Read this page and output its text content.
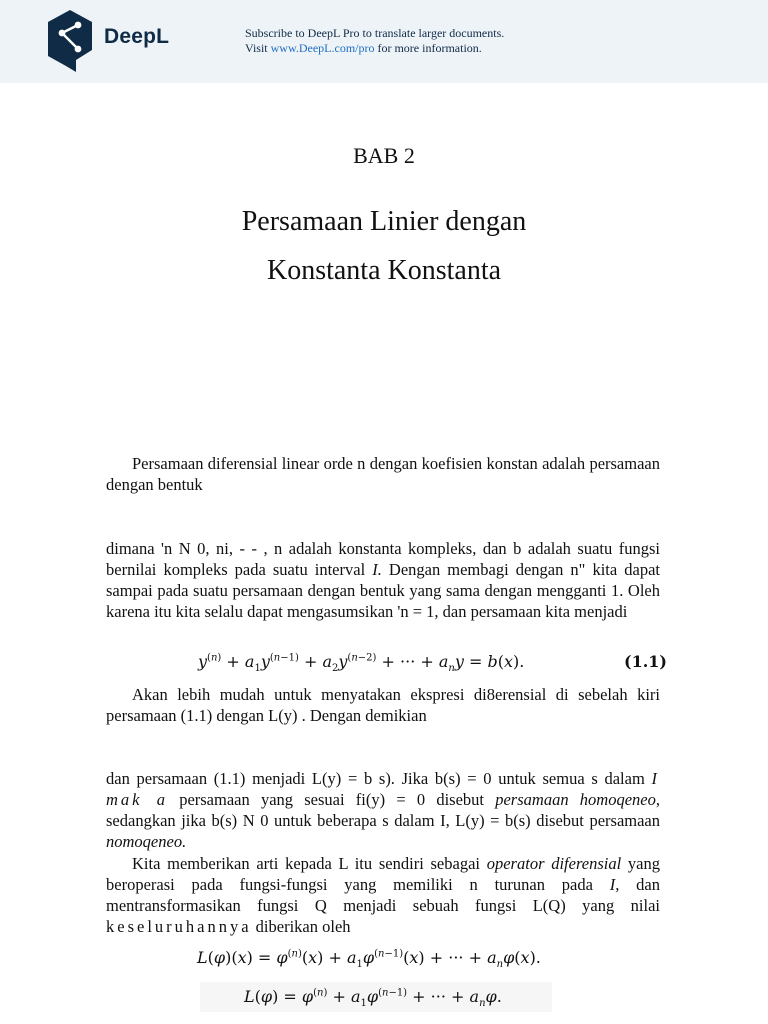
DeepL	Subscribe to DeepL Pro to translate larger documents.
Visit www.DeepL.com/pro for more information.
BAB 2
Persamaan Linier dengan
Konstanta Konstanta
Persamaan diferensial linear orde n dengan koefisien konstan adalah persamaan dengan bentuk
dimana 'n N 0, ni, - - , n adalah konstanta kompleks, dan b adalah suatu fungsi bernilai kompleks pada suatu interval I. Dengan membagi dengan n" kita dapat sampai pada suatu persamaan dengan bentuk yang sama dengan mengganti 1. Oleh karena itu kita selalu dapat mengasumsikan 'n = 1, dan persamaan kita menjadi
$y^{(n)} + a_1y^{(n-1)} + a_2y^{(n-2)}$ + ··· + $a_ny = b(x)$.	(1.1)
Akan lebih mudah untuk menyatakan ekspresi di8erensial di sebelah kiri persamaan (1.1) dengan L(y) . Dengan demikian
dan persamaan (1.1) menjadi L(y) = b s). Jika b(s) = 0 untuk semua s dalam I mak a persamaan yang sesuai fi(y) = 0 disebut persamaan homoqeneo, sedangkan jika b(s) N 0 untuk beberapa s dalam I, L(y) = b(s) disebut persamaan nomoqeneo.
Kita memberikan arti kepada L itu sendiri sebagai operator diferensial yang beroperasi pada fungsi-fungsi yang memiliki n turunan pada I, dan mentransformasikan fungsi Q menjadi sebuah fungsi L(Q) yang nilai keseluruhannya diberikan oleh
$L(\varphi)(x) = \varphi^{(n)}(x) + a_1\varphi^{(n-1)}(x)$ + ··· + $a_n\varphi(x)$.
$L(\varphi) = \varphi^{(n)} + a_1\varphi^{(n-1)}$ + ··· + $a_n\varphi$.
